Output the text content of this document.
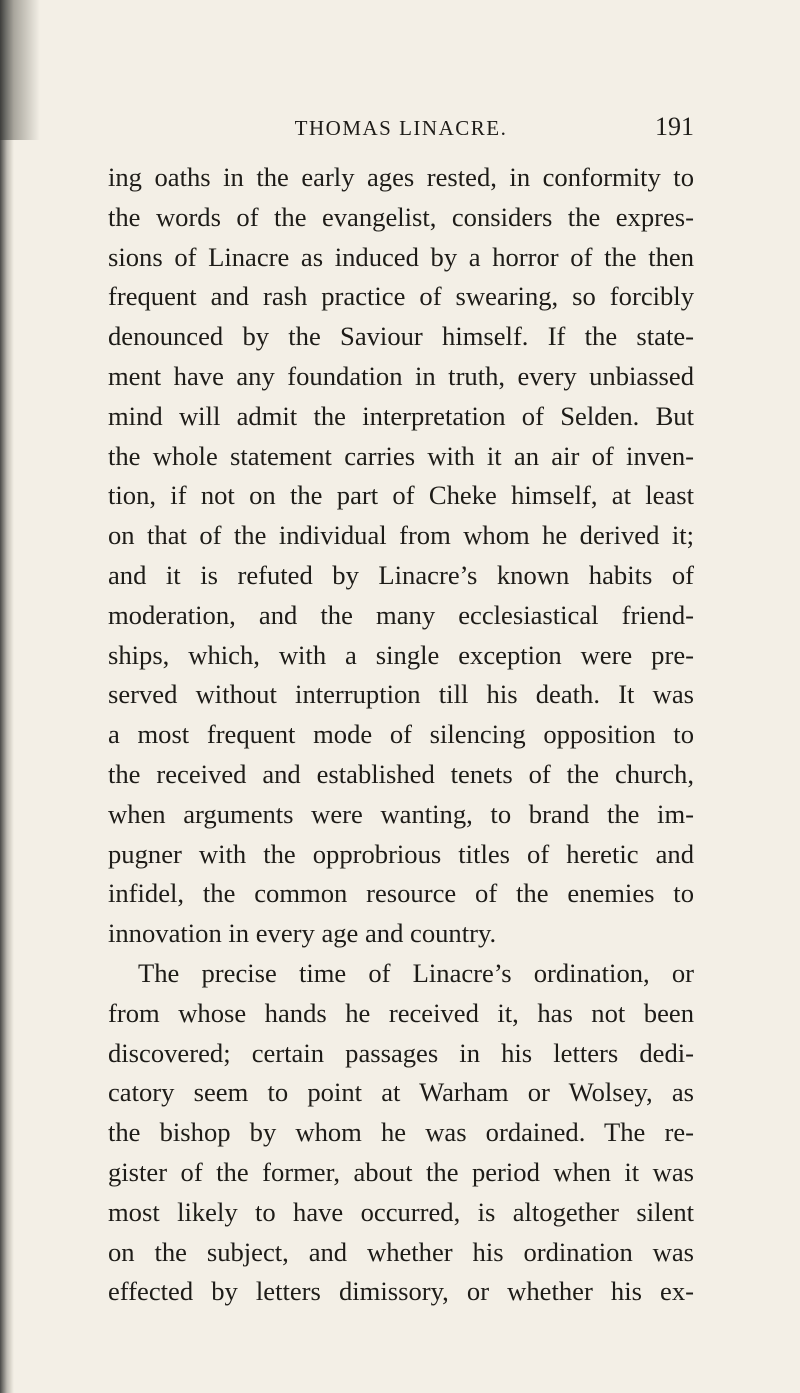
THOMAS LINACRE.	191
ing oaths in the early ages rested, in conformity to
the words of the evangelist, considers the expres-
sions of Linacre as induced by a horror of the then
frequent and rash practice of swearing, so forcibly
denounced by the Saviour himself. If the state-
ment have any foundation in truth, every unbiassed
mind will admit the interpretation of Selden. But
the whole statement carries with it an air of inven-
tion, if not on the part of Cheke himself, at least
on that of the individual from whom he derived it;
and it is refuted by Linacre’s known habits of
moderation, and the many ecclesiastical friend-
ships, which, with a single exception were pre-
served without interruption till his death. It was
a most frequent mode of silencing opposition to
the received and established tenets of the church,
when arguments were wanting, to brand the im-
pugner with the opprobrious titles of heretic and
infidel, the common resource of the enemies to
innovation in every age and country.
The precise time of Linacre’s ordination, or
from whose hands he received it, has not been
discovered; certain passages in his letters dedi-
catory seem to point at Warham or Wolsey, as
the bishop by whom he was ordained. The re-
gister of the former, about the period when it was
most likely to have occurred, is altogether silent
on the subject, and whether his ordination was
effected by letters dimissory, or whether his ex-
